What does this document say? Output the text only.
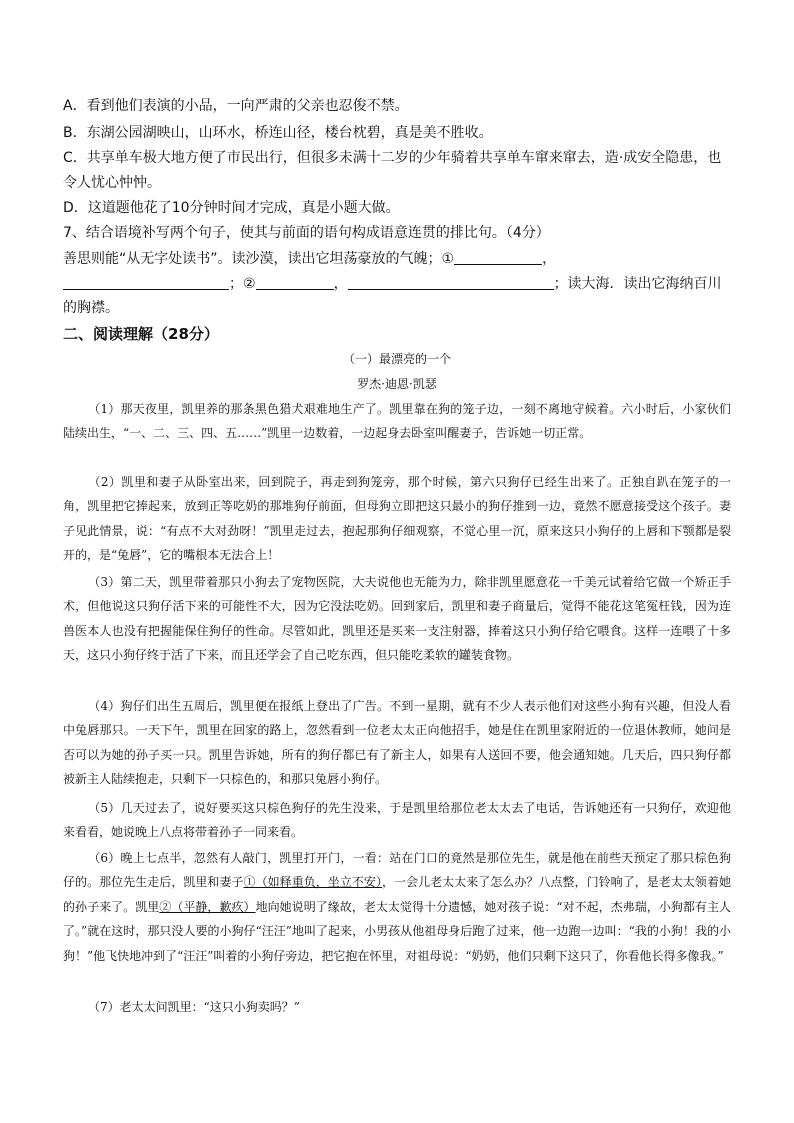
A．看到他们表演的小品，一向严肃的父亲也忍俊不禁。
B．东湖公园湖映山，山环水，桥连山径，楼台枕碧，真是美不胜收。
C．共享单车极大地方便了市民出行，但很多未满十二岁的少年骑着共享单车窜来窜去，造·成安全隐患，也
令人忧心忡忡。
D．这道题他花了10分钟时间才完成，真是小题大做。
7、结合语境补写两个句子，使其与前面的语句构成语意连贯的排比句。（4分）
善思则能“从无字处读书”。读沙漠，读出它坦荡豪放的气魄；①	，
；②	，	；读大海．读出它海纳百川
的胸襟。
二、阅读理解（28分）
（一）最漂亮的一个
罗杰·迪恩·凯瑟
（1）那天夜里，凯里养的那条黑色猎犬艰难地生产了。凯里靠在狗的笼子边，一刻不离地守候着。六小时后，小家伙们陆续出生，“一、二、三、四、五……”凯里一边数着，一边起身去卧室叫醒妻子，告诉她一切正常。
（2）凯里和妻子从卧室出来，回到院子，再走到狗笼旁，那个时候，第六只狗仔已经生出来了。正独自趴在笼子的一角，凯里把它捧起来，放到正等吃奶的那堆狗仔前面，但母狗立即把这只最小的狗仔推到一边，竟然不愿意接受这个孩子。妻子见此情景，说：“有点不大对劲呀！”凯里走过去，抱起那狗仔细观察，不觉心里一沉，原来这只小狗仔的上唇和下颚都是裂开的，是“兔唇”，它的嘴根本无法合上！
（3）第二天，凯里带着那只小狗去了宠物医院，大夫说他也无能为力，除非凯里愿意花一千美元试着给它做一个矫正手术，但他说这只狗仔活下来的可能性不大，因为它没法吃奶。回到家后，凯里和妻子商量后，觉得不能花这笔冤枉钱，因为连兽医本人也没有把握能保住狗仔的性命。尽管如此，凯里还是买来一支注射器，捧着这只小狗仔给它喂食。这样一连喂了十多天，这只小狗仔终于活了下来，而且还学会了自己吃东西，但只能吃柔软的罐装食物。
（4）狗仔们出生五周后，凯里便在报纸上登出了广告。不到一星期，就有不少人表示他们对这些小狗有兴趣，但没人看中兔唇那只。一天下午，凯里在回家的路上，忽然看到一位老太太正向他招手，她是住在凯里家附近的一位退休教师，她问是否可以为她的孙子买一只。凯里告诉她，所有的狗仔都已有了新主人，如果有人送回不要，他会通知她。几天后，四只狗仔都被新主人陆续抱走，只剩下一只棕色的，和那只兔唇小狗仔。
（5）几天过去了，说好要买这只棕色狗仔的先生没来，于是凯里给那位老太太去了电话，告诉她还有一只狗仔，欢迎他来看看，她说晚上八点将带着孙子一同来看。
（6）晚上七点半，忽然有人敲门，凯里打开门，一看：站在门口的竟然是那位先生，就是他在前些天预定了那只棕色狗仔的。那位先生走后，凯里和妻子①（如释重负，坐立不安），一会儿老太太来了怎么办？八点整，门铃响了，是老太太领着她的孙子来了。凯里②（平静，歉疚）地向她说明了缘故，老太太觉得十分遗憾，她对孩子说：“对不起，杰弗瑞，小狗都有主人了。”就在这时，那只没人要的小狗仔“汪汪”地叫了起来，小男孩从他祖母身后跑了过来，他一边跑一边叫：“我的小狗！我的小狗！”他飞快地冲到了“汪汪”叫着的小狗仔旁边，把它抱在怀里，对祖母说：“奶奶，他们只剩下这只了，你看他长得多像我。”
（7）老太太问凯里：“这只小狗卖吗？”
